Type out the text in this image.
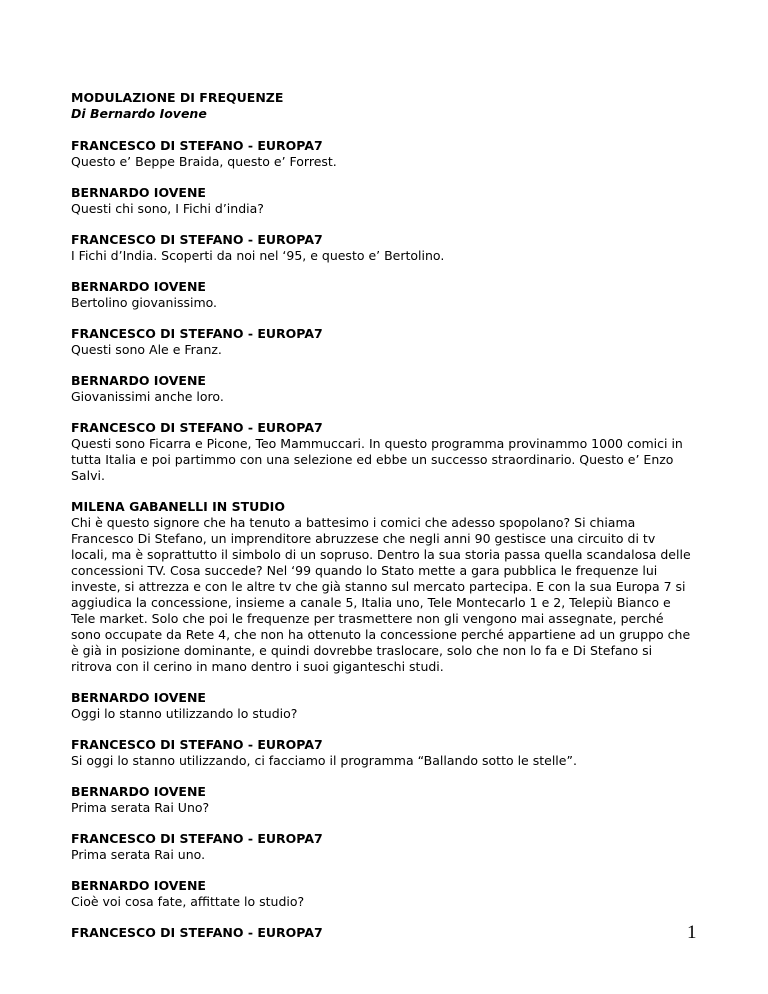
MODULAZIONE DI FREQUENZE

Di Bernardo Iovene

FRANCESCO DI STEFANO - EUROPA7

Questo e’ Beppe Braida, questo e’ Forrest.

BERNARDO IOVENE

Questi chi sono, I Fichi d’india?

FRANCESCO DI STEFANO - EUROPA7

I Fichi d’India. Scoperti da noi nel ‘95, e questo e’ Bertolino.

BERNARDO IOVENE

Bertolino giovanissimo.

FRANCESCO DI STEFANO - EUROPA7

Questi sono Ale e Franz.

BERNARDO IOVENE

Giovanissimi anche loro.

FRANCESCO DI STEFANO - EUROPA7

Questi sono Ficarra e Picone, Teo Mammuccari. In questo programma provinammo 1000 comici in

tutta Italia e poi partimmo con una selezione ed ebbe un successo straordinario. Questo e’ Enzo

Salvi.

MILENA GABANELLI IN STUDIO

Chi è questo signore che ha tenuto a battesimo i comici che adesso spopolano? Si chiama

Francesco Di Stefano, un imprenditore abruzzese che negli anni 90 gestisce una circuito di tv

locali, ma è soprattutto il simbolo di un sopruso. Dentro la sua storia passa quella scandalosa delle

concessioni TV. Cosa succede? Nel ‘99 quando lo Stato mette a gara pubblica le frequenze lui

investe, si attrezza e con le altre tv che già stanno sul mercato partecipa. E con la sua Europa 7 si

aggiudica la concessione, insieme a canale 5, Italia uno, Tele Montecarlo 1 e 2, Telepiù Bianco e

Tele market. Solo che poi le frequenze per trasmettere non gli vengono mai assegnate, perché

sono occupate da Rete 4, che non ha ottenuto la concessione perché appartiene ad un gruppo che

è già in posizione dominante, e quindi dovrebbe traslocare, solo che non lo fa e Di Stefano si

ritrova con il cerino in mano dentro i suoi giganteschi studi.

BERNARDO IOVENE

Oggi lo stanno utilizzando lo studio?

FRANCESCO DI STEFANO - EUROPA7

Si oggi lo stanno utilizzando, ci facciamo il programma “Ballando sotto le stelle”.

BERNARDO IOVENE

Prima serata Rai Uno?

FRANCESCO DI STEFANO - EUROPA7

Prima serata Rai uno.

BERNARDO IOVENE

Cioè voi cosa fate, affittate lo studio?

FRANCESCO DI STEFANO - EUROPA7	1
